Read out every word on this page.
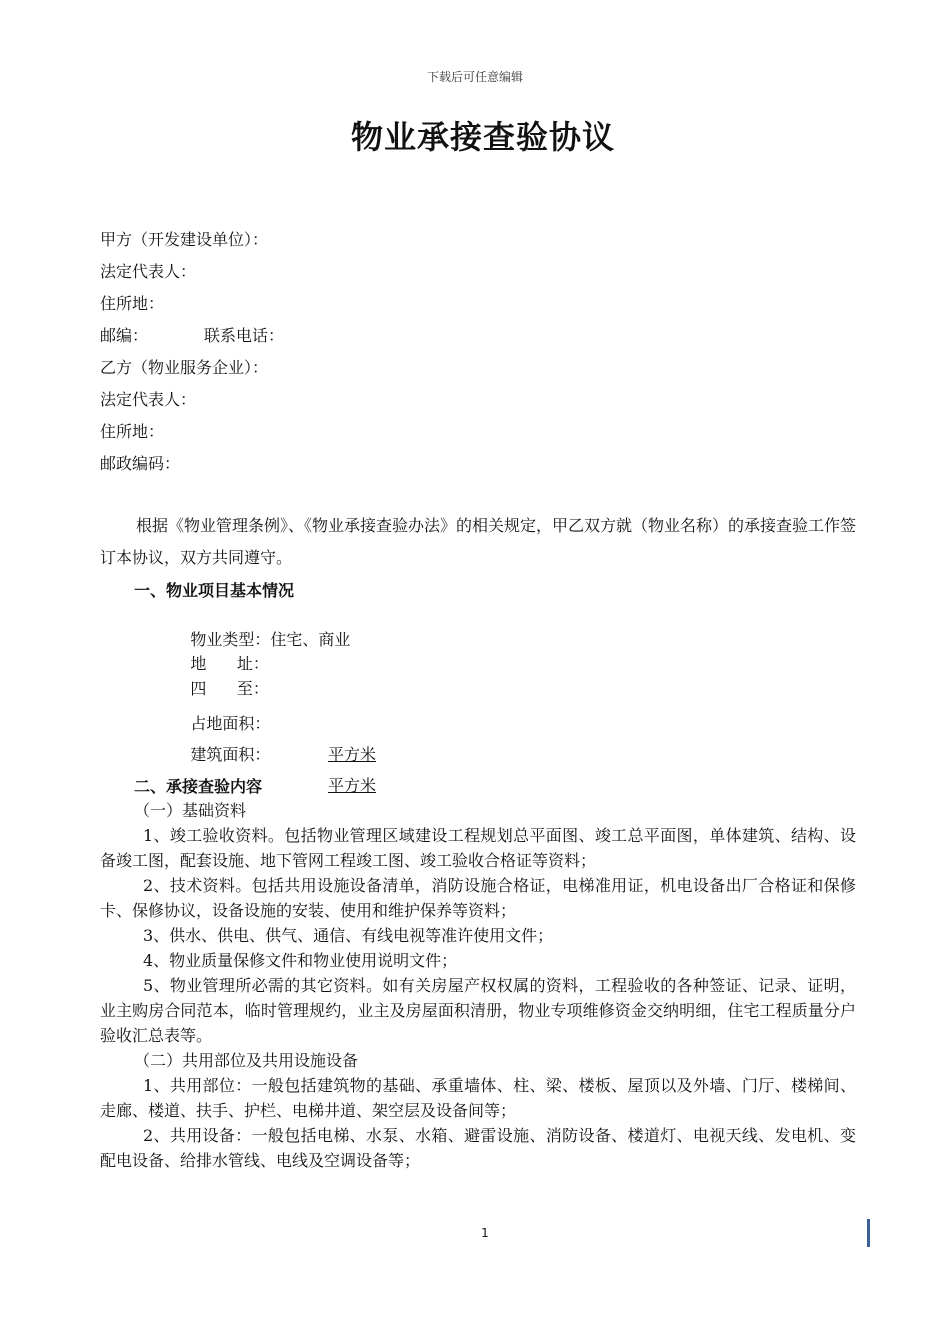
下载后可任意编辑
物业承接查验协议
甲方（开发建设单位）：
法定代表人：
住所地：
邮编：           联系电话：
乙方（物业服务企业）：
法定代表人：
住所地：
邮政编码：
根据《物业管理条例》、《物业承接查验办法》的相关规定，甲乙双方就（物业名称）的承接查验工作签订本协议，双方共同遵守。
一、物业项目基本情况

物业类型：住宅、商业

地      址：

四      至：

占地面积：

平方米

建筑面积：

平方米

二、承接查验内容

（一）基础资料

1、竣工验收资料。包括物业管理区域建设工程规划总平面图、竣工总平面图，单体建筑、结构、设备竣工图，配套设施、地下管网工程竣工图、竣工验收合格证等资料；

2、技术资料。包括共用设施设备清单，消防设施合格证，电梯准用证，机电设备出厂合格证和保修卡、保修协议，设备设施的安装、使用和维护保养等资料；

3、供水、供电、供气、通信、有线电视等准许使用文件；

4、物业质量保修文件和物业使用说明文件；

5、物业管理所必需的其它资料。如有关房屋产权权属的资料，工程验收的各种签证、记录、证明，业主购房合同范本，临时管理规约，业主及房屋面积清册，物业专项维修资金交纳明细，住宅工程质量分户验收汇总表等。

（二）共用部位及共用设施设备

1、共用部位：一般包括建筑物的基础、承重墙体、柱、梁、楼板、屋顶以及外墙、门厅、楼梯间、走廊、楼道、扶手、护栏、电梯井道、架空层及设备间等；

2、共用设备：一般包括电梯、水泵、水箱、避雷设施、消防设备、楼道灯、电视天线、发电机、变配电设备、给排水管线、电线及空调设备等；

1
